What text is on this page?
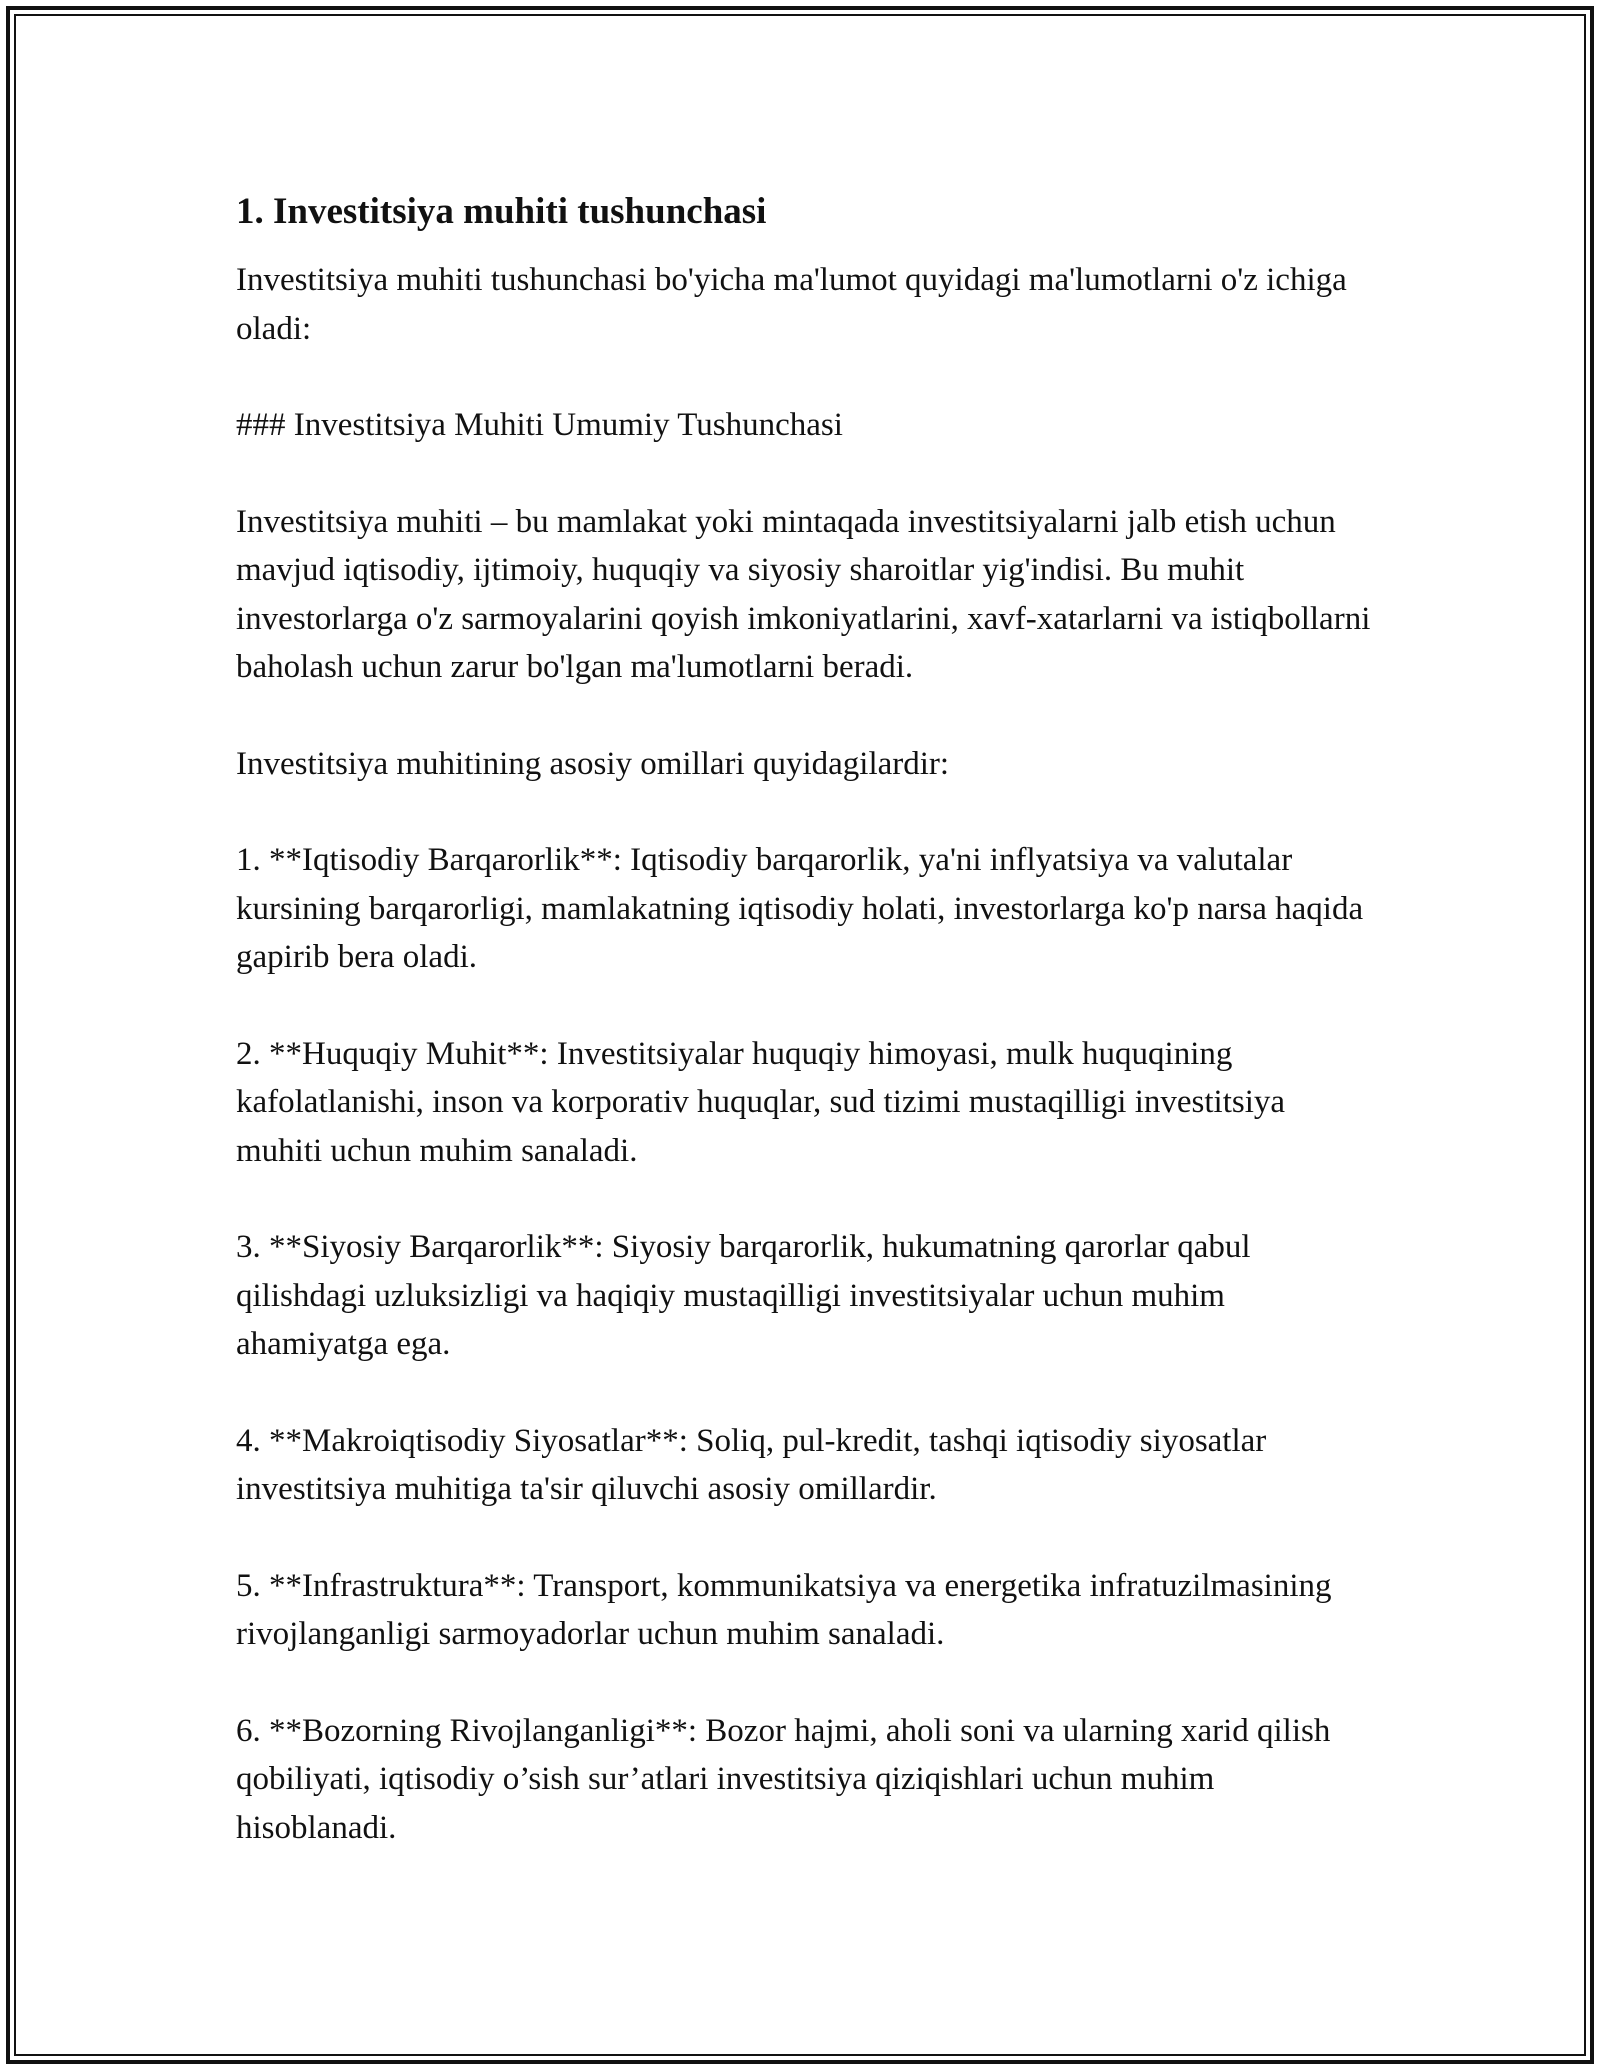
1. Investitsiya muhiti tushunchasi

Investitsiya muhiti tushunchasi bo'yicha ma'lumot quyidagi ma'lumotlarni o'z ichiga oladi:

### Investitsiya Muhiti Umumiy Tushunchasi

Investitsiya muhiti – bu mamlakat yoki mintaqada investitsiyalarni jalb etish uchun mavjud iqtisodiy, ijtimoiy, huquqiy va siyosiy sharoitlar yig'indisi. Bu muhit investorlarga o'z sarmoyalarini qoyish imkoniyatlarini, xavf-xatarlarni va istiqbollarni baholash uchun zarur bo'lgan ma'lumotlarni beradi.

Investitsiya muhitining asosiy omillari quyidagilardir:

1. **Iqtisodiy Barqarorlik**: Iqtisodiy barqarorlik, ya'ni inflyatsiya va valutalar kursining barqarorligi, mamlakatning iqtisodiy holati, investorlarga ko'p narsa haqida gapirib bera oladi.

2. **Huquqiy Muhit**: Investitsiyalar huquqiy himoyasi, mulk huquqining kafolatlanishi, inson va korporativ huquqlar, sud tizimi mustaqilligi investitsiya muhiti uchun muhim sanaladi.

3. **Siyosiy Barqarorlik**: Siyosiy barqarorlik, hukumatning qarorlar qabul qilishdagi uzluksizligi va haqiqiy mustaqilligi investitsiyalar uchun muhim ahamiyatga ega.

4. **Makroiqtisodiy Siyosatlar**: Soliq, pul-kredit, tashqi iqtisodiy siyosatlar investitsiya muhitiga ta'sir qiluvchi asosiy omillardir.

5. **Infrastruktura**: Transport, kommunikatsiya va energetika infratuzilmasining rivojlanganligi sarmoyadorlar uchun muhim sanaladi.

6. **Bozorning Rivojlanganligi**: Bozor hajmi, aholi soni va ularning xarid qilish qobiliyati, iqtisodiy o’sish sur’atlari investitsiya qiziqishlari uchun muhim hisoblanadi.
